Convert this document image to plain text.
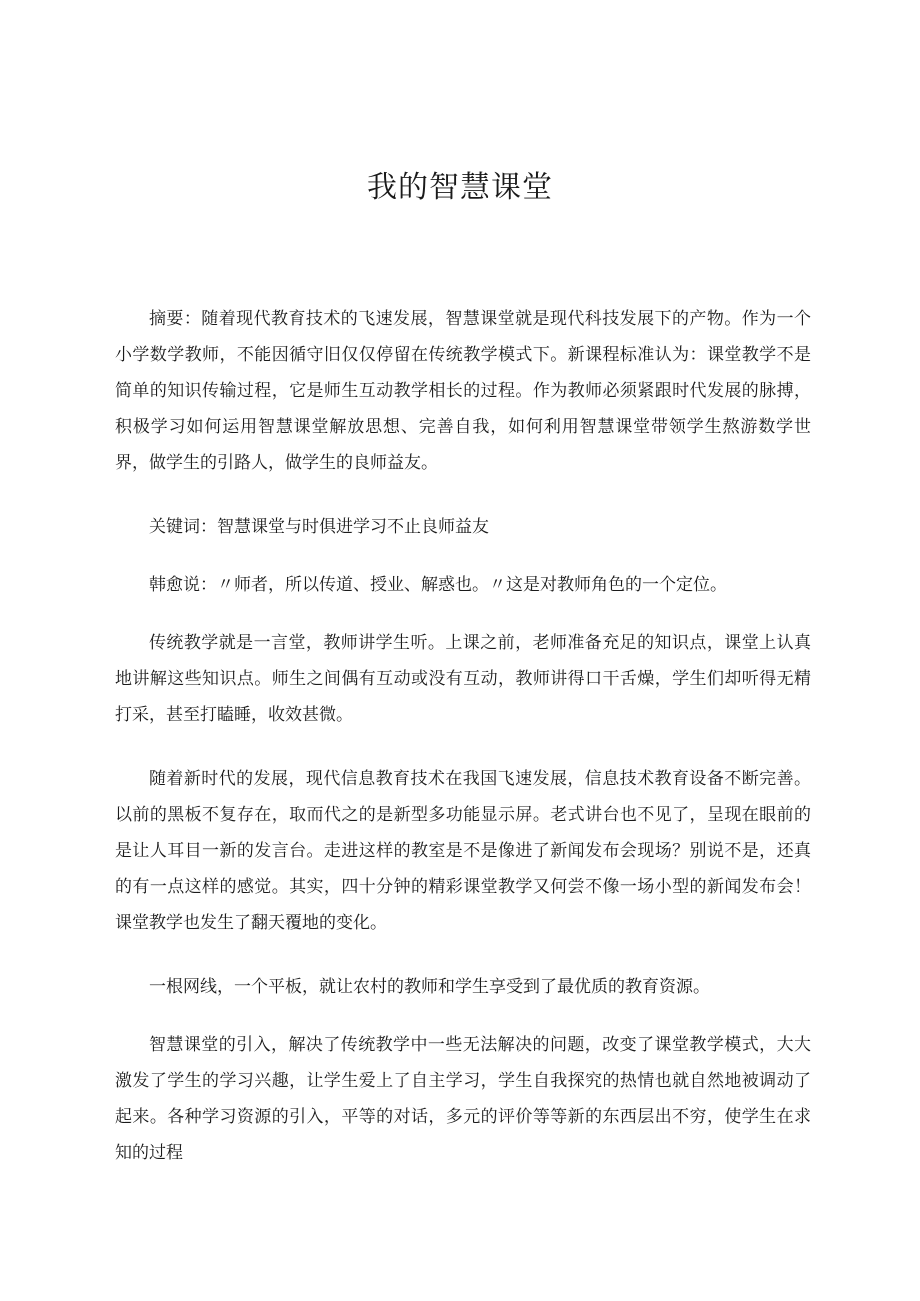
我的智慧课堂

摘要：随着现代教育技术的飞速发展，智慧课堂就是现代科技发展下的产物。作为一个小学数学教师，不能因循守旧仅仅停留在传统教学模式下。新课程标准认为：课堂教学不是简单的知识传输过程，它是师生互动教学相长的过程。作为教师必须紧跟时代发展的脉搏，积极学习如何运用智慧课堂解放思想、完善自我，如何利用智慧课堂带领学生熬游数学世界，做学生的引路人，做学生的良师益友。

关键词：智慧课堂与时俱进学习不止良师益友

韩愈说：〃师者，所以传道、授业、解惑也。〃这是对教师角色的一个定位。

传统教学就是一言堂，教师讲学生听。上课之前，老师准备充足的知识点，课堂上认真地讲解这些知识点。师生之间偶有互动或没有互动，教师讲得口干舌燥，学生们却听得无精打采，甚至打瞌睡，收效甚微。

随着新时代的发展，现代信息教育技术在我国飞速发展，信息技术教育设备不断完善。以前的黑板不复存在，取而代之的是新型多功能显示屏。老式讲台也不见了，呈现在眼前的是让人耳目一新的发言台。走进这样的教室是不是像进了新闻发布会现场？别说不是，还真的有一点这样的感觉。其实，四十分钟的精彩课堂教学又何尝不像一场小型的新闻发布会！课堂教学也发生了翻天覆地的变化。

一根网线，一个平板，就让农村的教师和学生享受到了最优质的教育资源。

智慧课堂的引入，解决了传统教学中一些无法解决的问题，改变了课堂教学模式，大大激发了学生的学习兴趣，让学生爱上了自主学习，学生自我探究的热情也就自然地被调动了起来。各种学习资源的引入，平等的对话，多元的评价等等新的东西层出不穷，使学生在求知的过程
